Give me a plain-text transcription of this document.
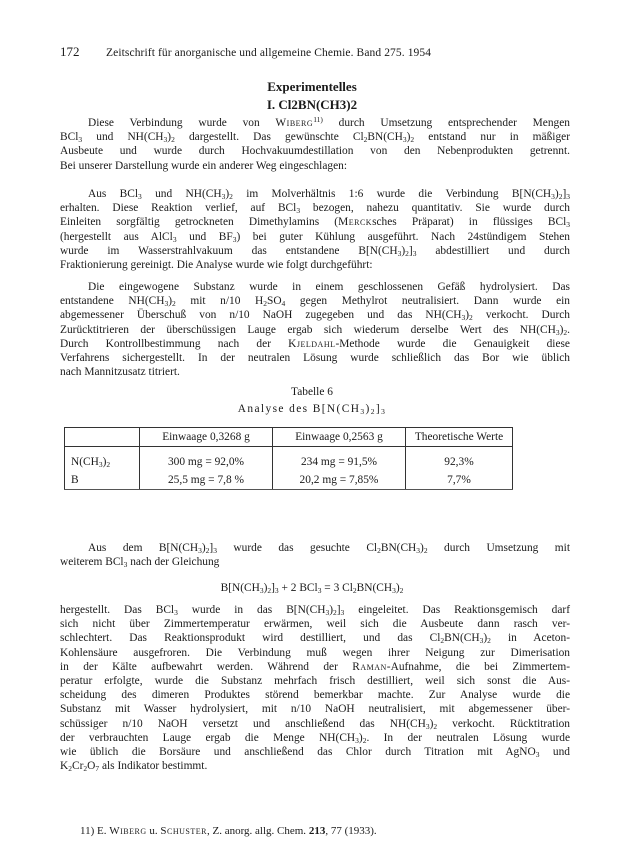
172 Zeitschrift für anorganische und allgemeine Chemie. Band 275. 1954
Experimentelles
I. Cl2BN(CH3)2
Diese Verbindung wurde von Wiberg$^{11)}$ durch Umsetzung entsprechender Mengen
BCl$_3$ und $NH(CH_3)_2$ dargestellt. Das gewünschte $Cl_2BN(CH_3)_2$ entstand nur in mäßiger
Ausbeute und wurde durch Hochvakuumdestillation von den Nebenprodukten getrennt.
Bei unserer Darstellung wurde ein anderer Weg eingeschlagen:
Aus BCl$_3$ und $NH(CH_3)_2$ im Molverhältnis 1:6 wurde die Verbindung $B[N(CH_3)_2]_3$
erhalten. Diese Reaktion verlief, auf BCl$_3$ bezogen, nahezu quantitativ. Sie wurde durch
Einleiten sorgfältig getrockneten Dimethylamins (Mercksches Präparat) in flüssiges BCl$_3$
(hergestellt aus AlCl$_3$ und $BF_3$) bei guter Kühlung ausgeführt. Nach 24stündigem Stehen
wurde im Wasserstrahlvakuum das entstandene $B[N(CH_3)_2]_3$ abdestilliert und durch
Fraktionierung gereinigt. Die Analyse wurde wie folgt durchgeführt:
Die eingewogene Substanz wurde in einem geschlossenen Gefäß hydrolysiert. Das
entstandene $NH(CH_3)_2$ mit n/10 $H_2SO_4$ gegen Methylrot neutralisiert. Dann wurde ein
abgemessener Überschuß von n/10 NaOH zugegeben und das $NH(CH_3)_2$ verkocht. Durch
Zurücktitrieren der überschüssigen Lauge ergab sich wiederum derselbe Wert des $NH(CH_3)_2$.
Durch Kontrollbestimmung nach der Kjeldahl-Methode wurde die Genauigkeit diese
Verfahrens sichergestellt. In der neutralen Lösung wurde schließlich das Bor wie üblich
nach Mannitzusatz titriert.
Tabelle 6
Analyse des $B[N(CH_3)_2]_3$
	Einwaage 0,3268 g	Einwaage 0,2563 g	Theoretische Werte
$N(CH_3)_2$	300 mg = 92,0%	234 mg = 91,5%	92,3%
B	25,5 mg = 7,8 %	20,2 mg = 7,85%	7,7%
Aus dem $B[N(CH_3)_2]_3$ wurde das gesuchte $Cl_2BN(CH_3)_2$ durch Umsetzung mit
weiterem BCl$_3$ nach der Gleichung
$B[N(CH_3)_2]_3 + 2$ BCl$_3$ = 3 $Cl_2BN(CH_3)_2$
hergestellt. Das BCl$_3$ wurde in das $B[N(CH_3)_2]_3$ eingeleitet. Das Reaktionsgemisch darf
sich nicht über Zimmertemperatur erwärmen, weil sich die Ausbeute dann rasch ver-
schlechtert. Das Reaktionsprodukt wird destilliert, und das $Cl_2BN(CH_3)_2$ in Aceton-
Kohlensäure ausgefroren. Die Verbindung muß wegen ihrer Neigung zur Dimerisation
in der Kälte aufbewahrt werden. Während der Raman-Aufnahme, die bei Zimmertem-
peratur erfolgte, wurde die Substanz mehrfach frisch destilliert, weil sich sonst die Aus-
scheidung des dimeren Produktes störend bemerkbar machte. Zur Analyse wurde die
Substanz mit Wasser hydrolysiert, mit n/10 NaOH neutralisiert, mit abgemessener über-
schüssiger n/10 NaOH versetzt und anschließend das $NH(CH_3)_2$ verkocht. Rücktitration
der verbrauchten Lauge ergab die Menge $NH(CH_3)_2$. In der neutralen Lösung wurde
wie üblich die Borsäure und anschließend das Chlor durch Titration mit AgNO$_3$ und
$K_2Cr_2O_7$ als Indikator bestimmt.
11) E. Wiberg u. Schuster, Z. anorg. allg. Chem. 213, 77 (1933).
